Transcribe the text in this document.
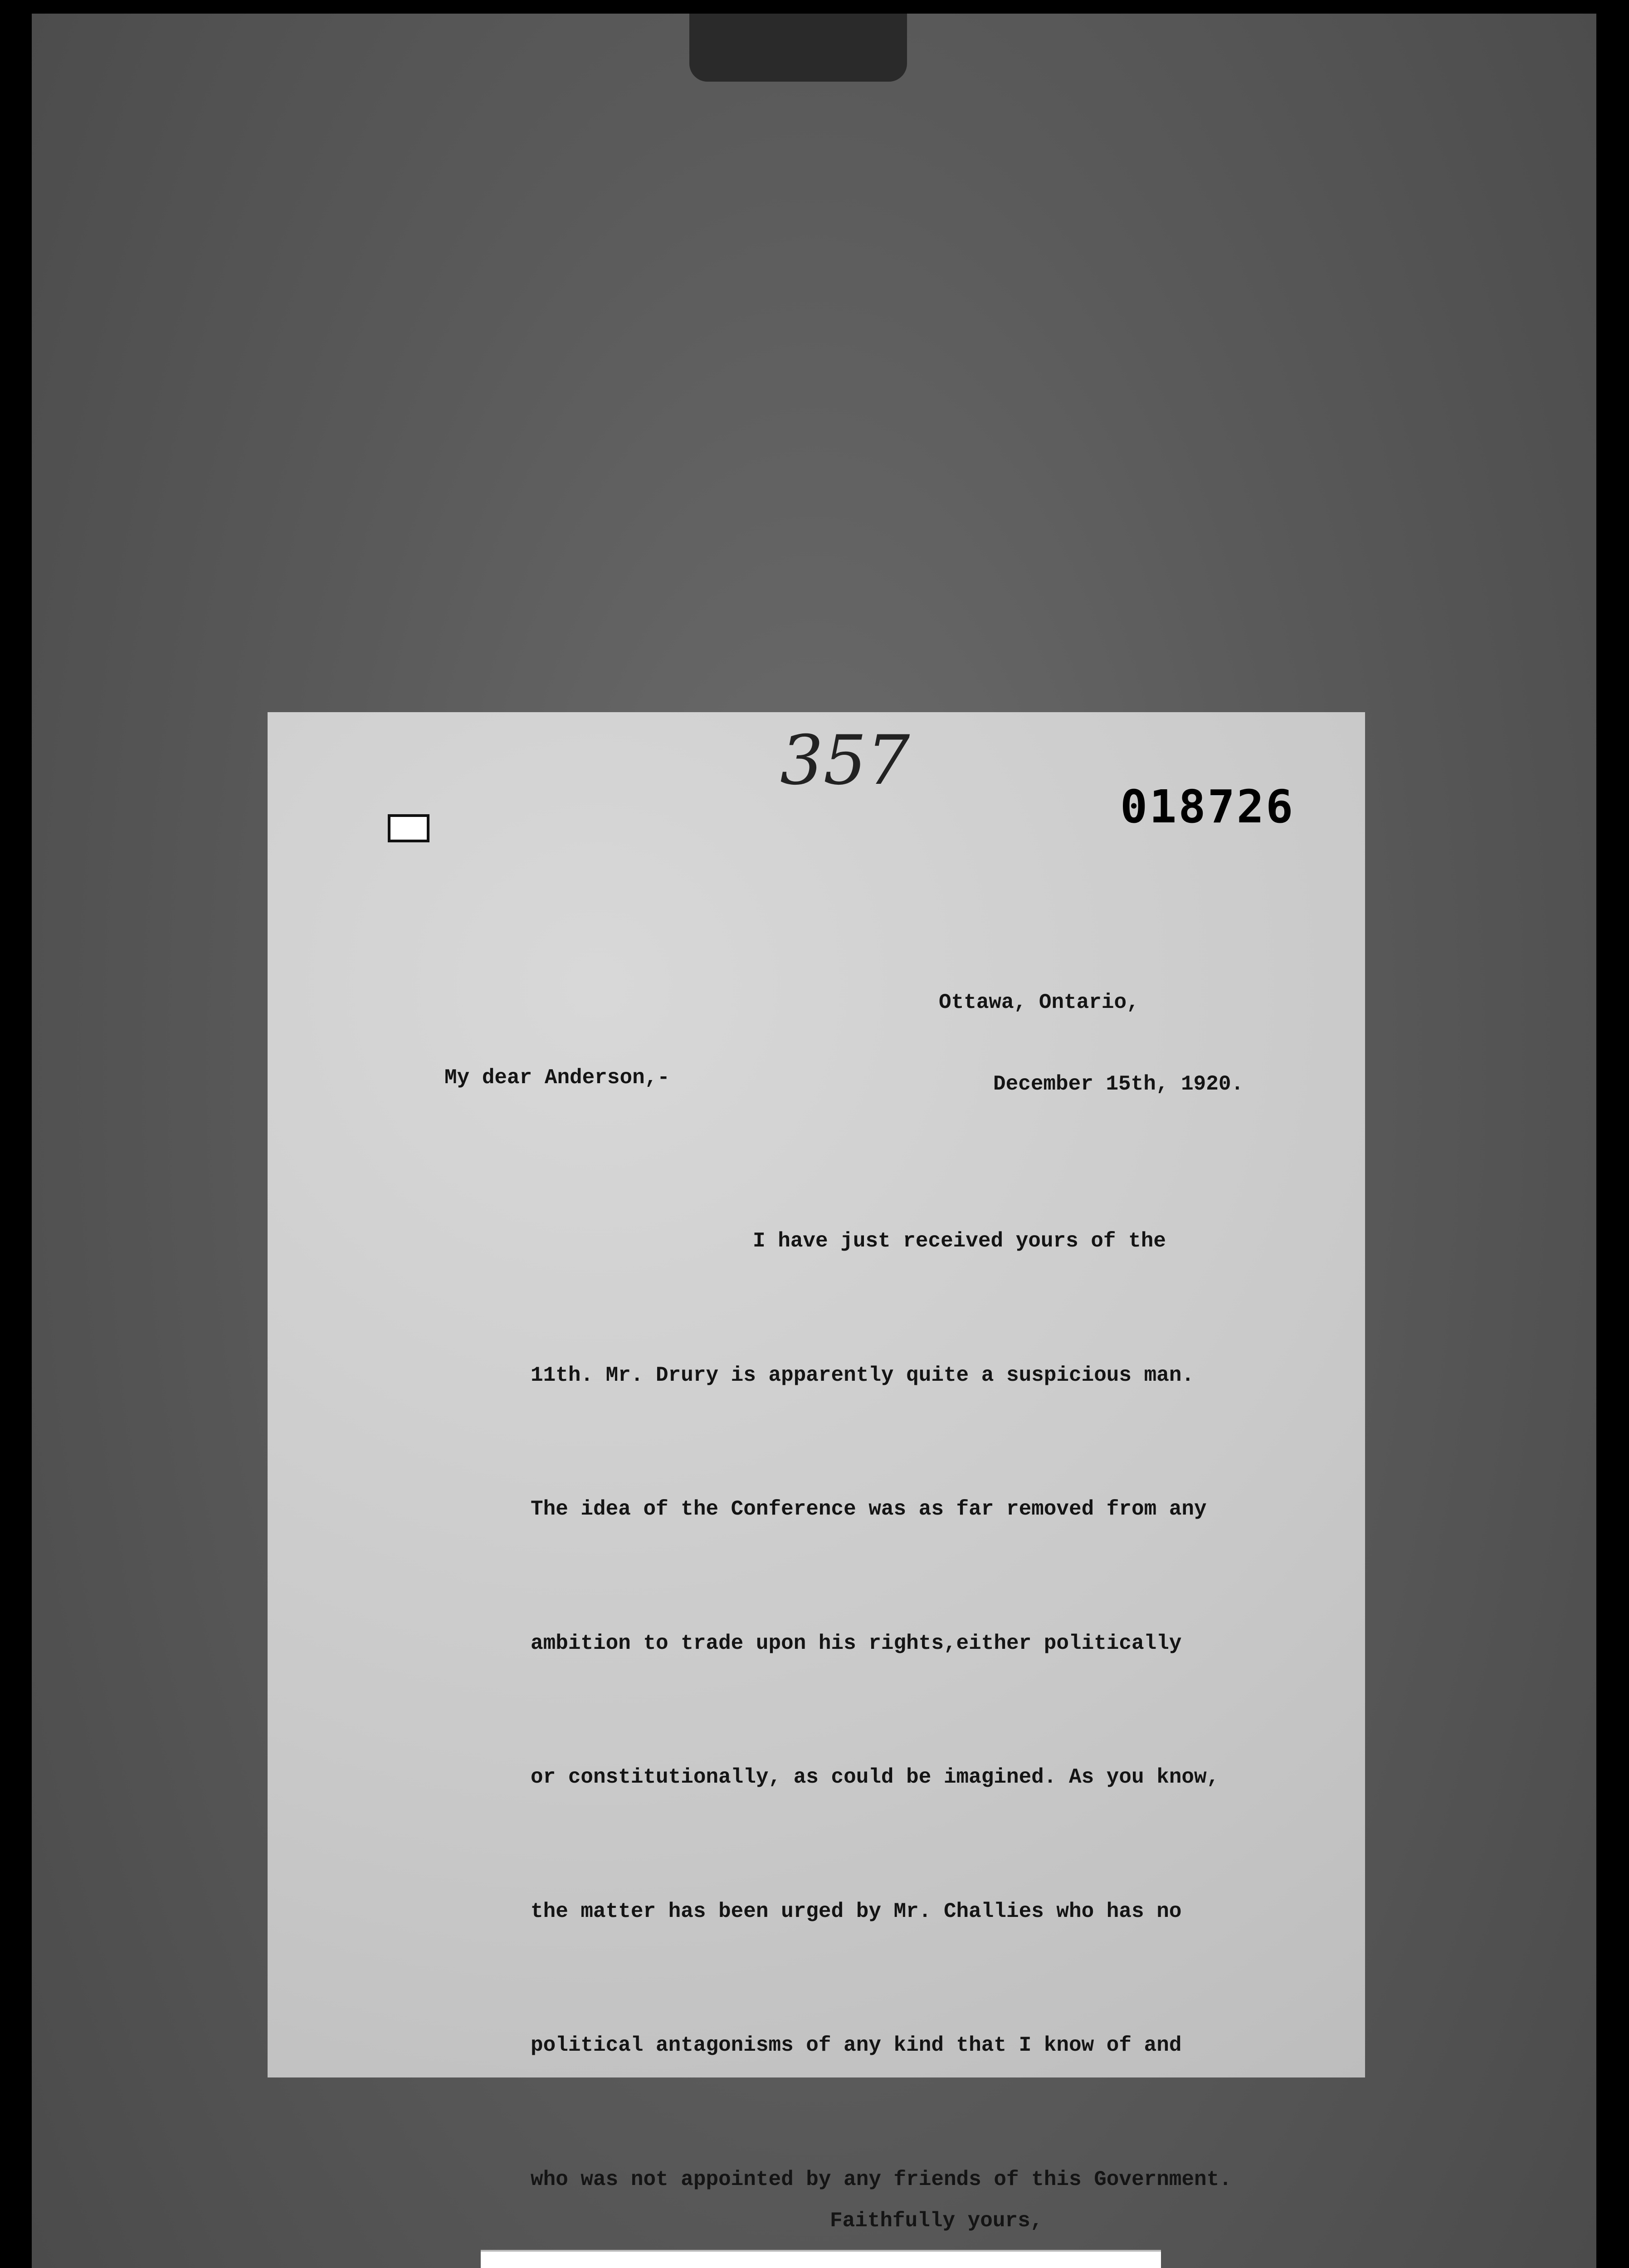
357
018726

Ottawa, Ontario,

December 15th, 1920.

My dear Anderson,-

I have just received yours of the

11th. Mr. Drury is apparently quite a suspicious man.

The idea of the Conference was as far removed from any

ambition to trade upon his rights,either politically

or constitutionally, as could be imagined. As you know,

the matter has been urged by Mr. Challies who has no

political antagonisms of any kind that I know of and

who was not appointed by any friends of this Government.

Faithfully yours,
